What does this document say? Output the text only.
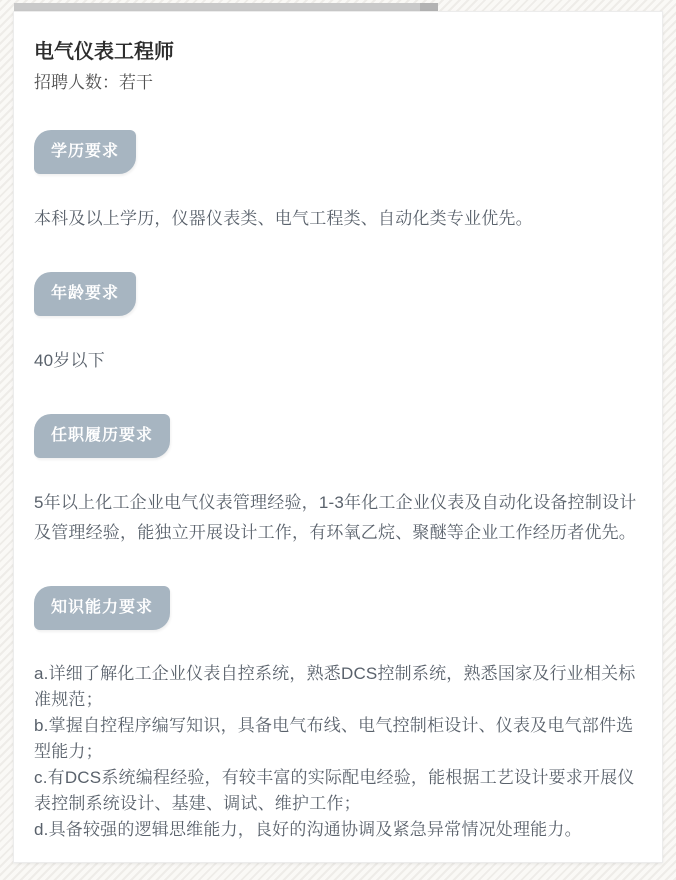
电气仪表工程师
招聘人数：若干
学历要求

本科及以上学历，仪器仪表类、电气工程类、自动化类专业优先。

年龄要求

40岁以下

任职履历要求

5年以上化工企业电气仪表管理经验，1-3年化工企业仪表及自动化设备控制设计及管理经验，能独立开展设计工作，有环氧乙烷、聚醚等企业工作经历者优先。

知识能力要求
a.详细了解化工企业仪表自控系统，熟悉DCS控制系统，熟悉国家及行业相关标准规范；
b.掌握自控程序编写知识，具备电气布线、电气控制柜设计、仪表及电气部件选型能力；
c.有DCS系统编程经验，有较丰富的实际配电经验，能根据工艺设计要求开展仪表控制系统设计、基建、调试、维护工作；
d.具备较强的逻辑思维能力，良好的沟通协调及紧急异常情况处理能力。
